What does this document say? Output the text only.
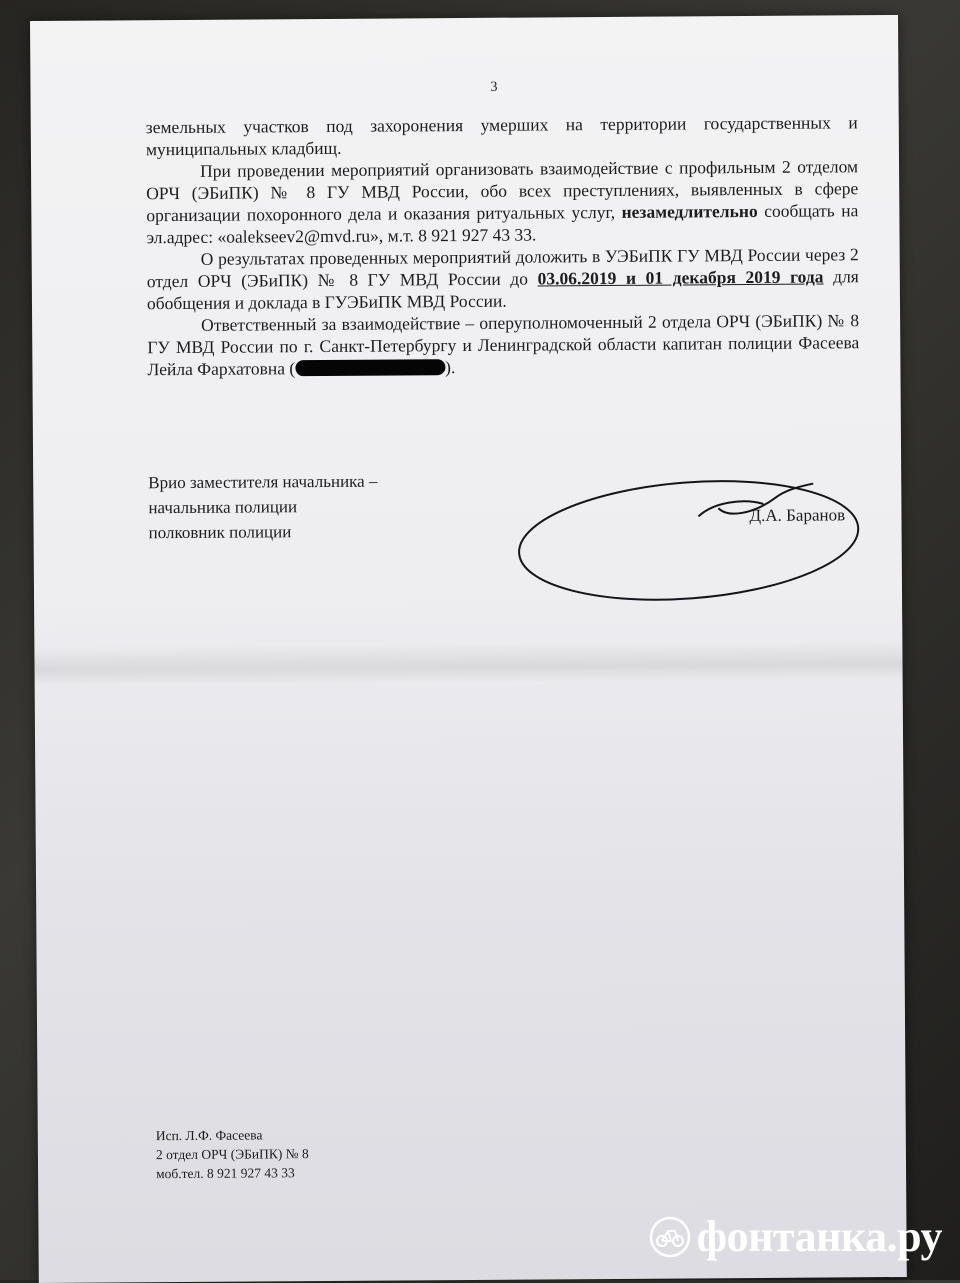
3

земельных участков под захоронения умерших на территории государственных и муниципальных кладбищ.

При проведении мероприятий организовать взаимодействие с профильным 2 отделом ОРЧ (ЭБиПК) № 8 ГУ МВД России, обо всех преступлениях, выявленных в сфере организации похоронного дела и оказания ритуальных услуг, незамедлительно сообщать на эл.адрес: «oalekseev2@mvd.ru», м.т. 8 921 927 43 33.

О результатах проведенных мероприятий доложить в УЭБиПК ГУ МВД России через 2 отдел ОРЧ (ЭБиПК) № 8 ГУ МВД России до 03.06.2019 и 01 декабря 2019 года для обобщения и доклада в ГУЭБиПК МВД России.

Ответственный за взаимодействие – оперуполномоченный 2 отдела ОРЧ (ЭБиПК) № 8 ГУ МВД России по г. Санкт-Петербургу и Ленинградской области капитан полиции Фасеева Лейла Фархатовна (	).

Врио заместителя начальника –
начальника полиции
полковник полиции
Д.А. Баранов
Исп. Л.Ф. Фасеева
2 отдел ОРЧ (ЭБиПК) № 8
моб.тел. 8 921 927 43 33
фонтанка.ру
